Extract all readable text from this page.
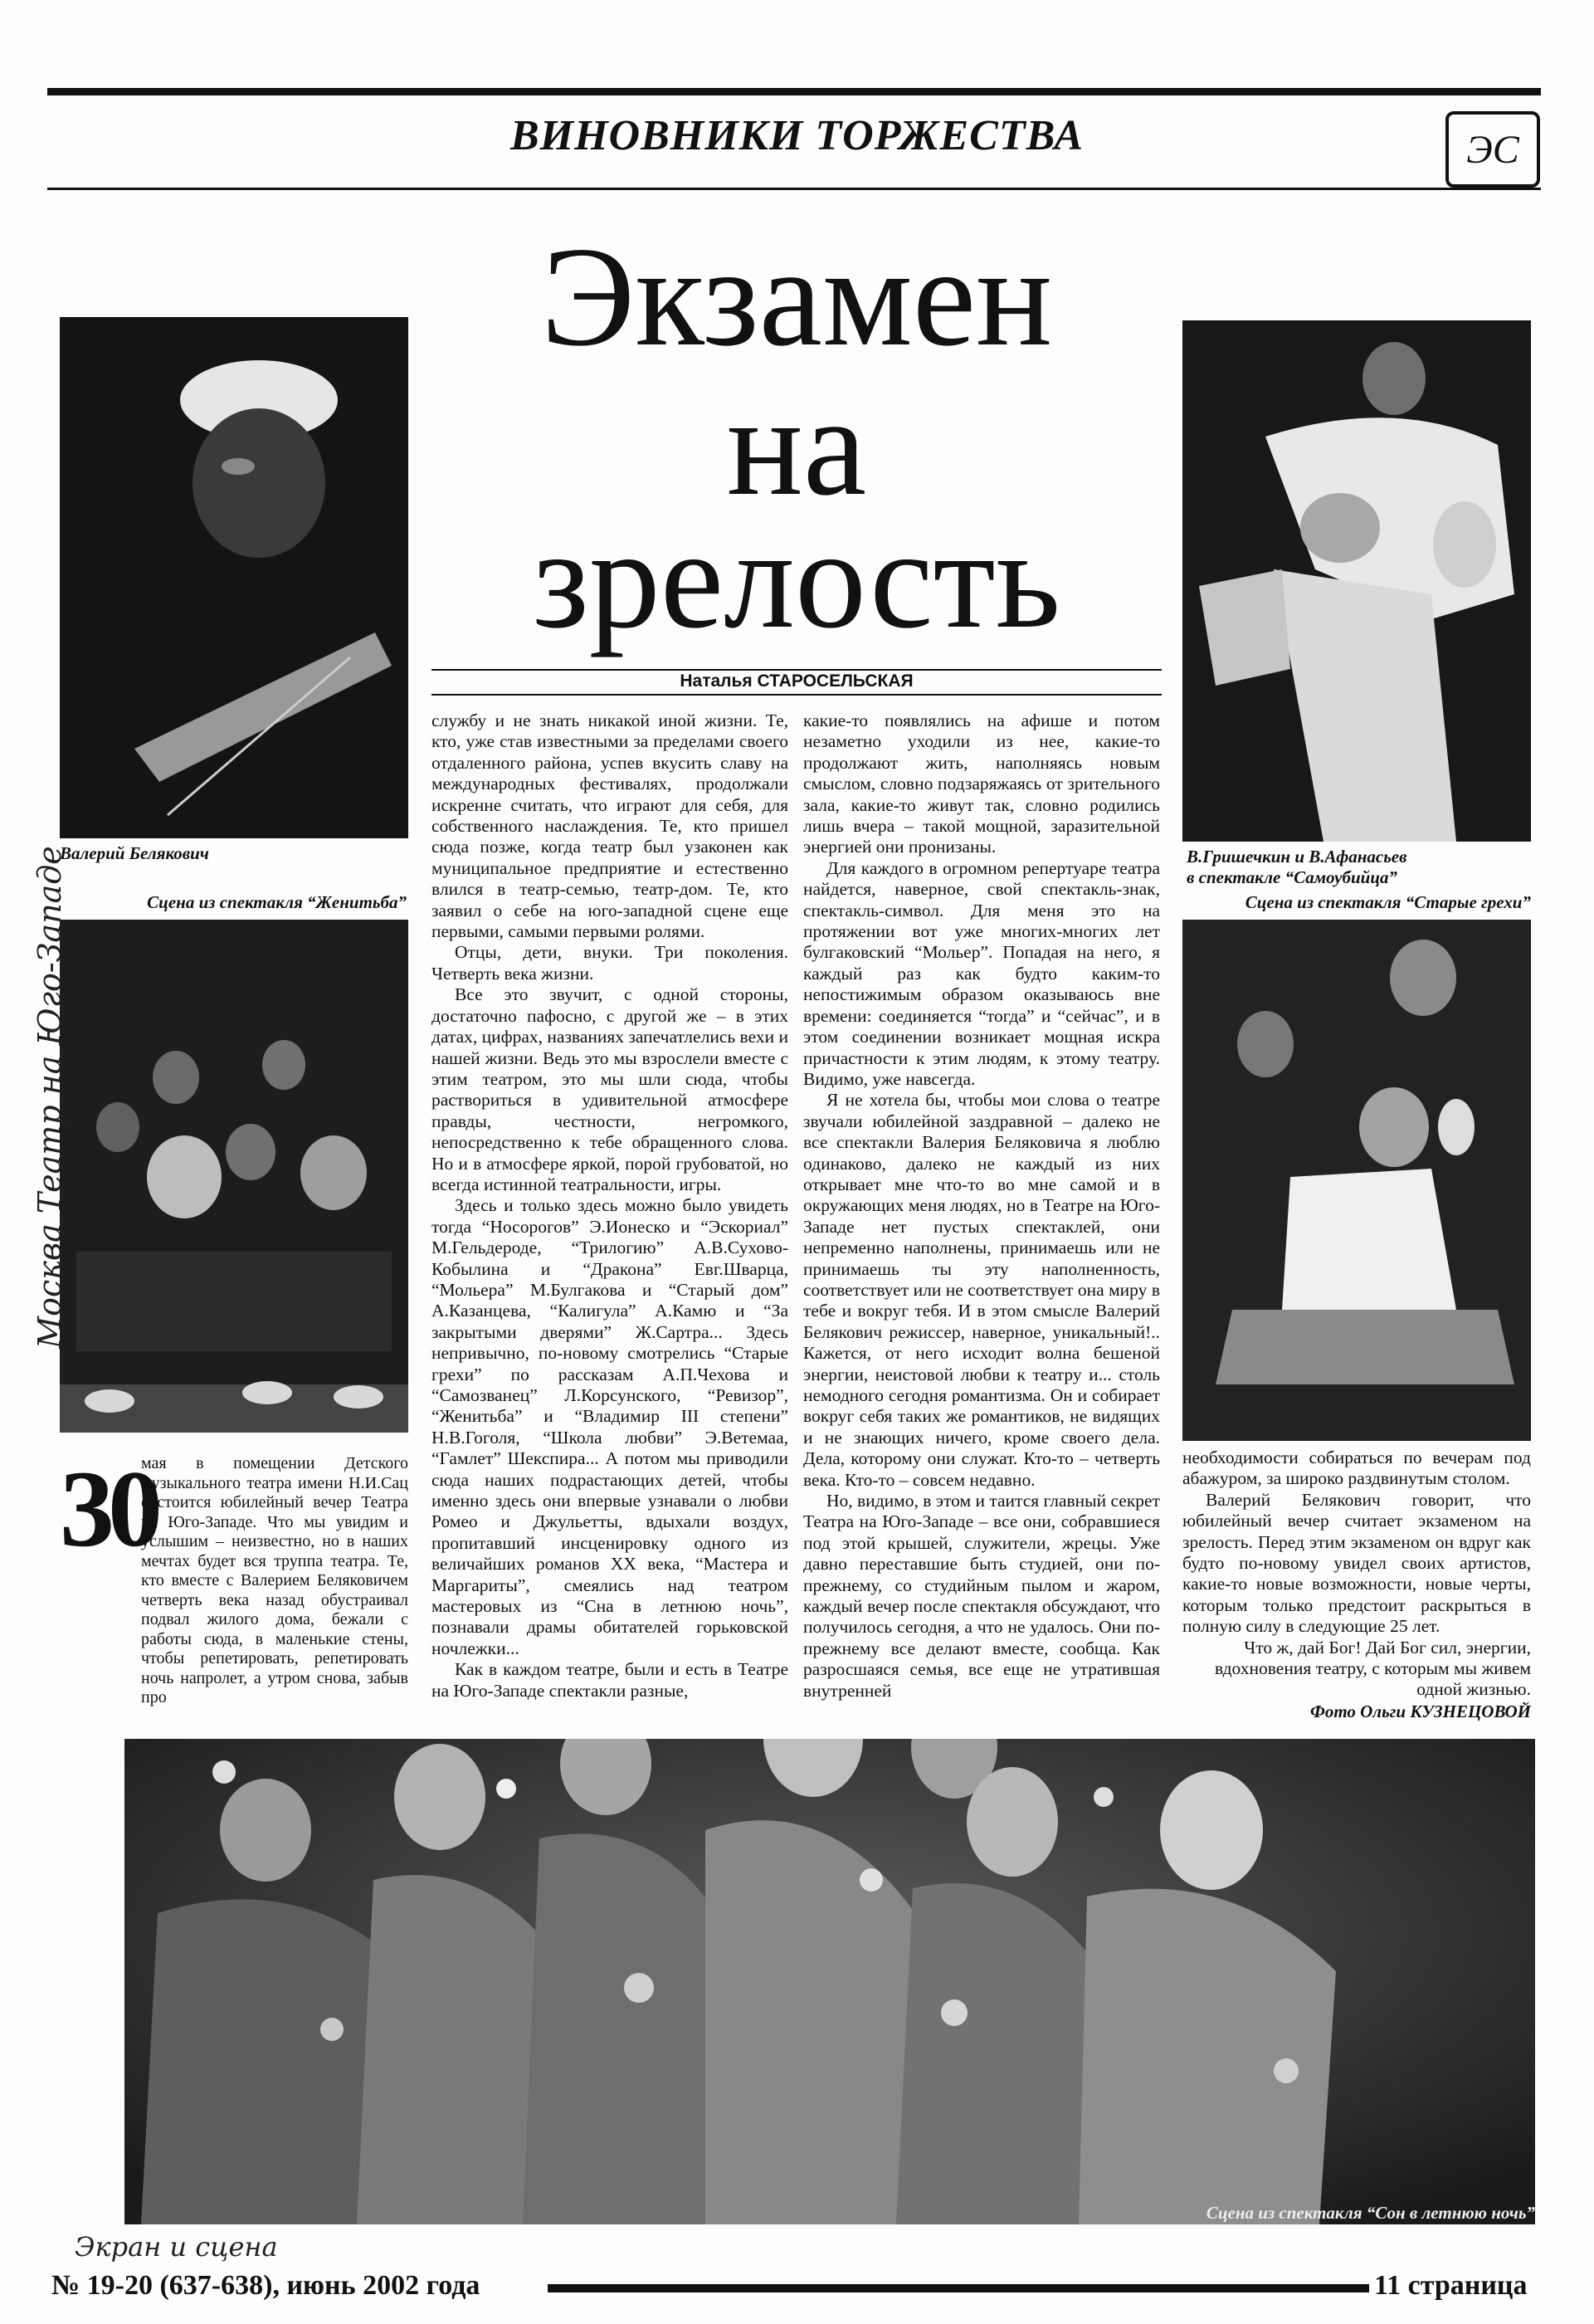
ВИНОВНИКИ ТОРЖЕСТВА	ЭС
Экзамен
на
зрелость
Наталья СТАРОСЕЛЬСКАЯ
Валерий Белякович
Сцена из спектакля “Женитьба”
В.Гришечкин и В.Афанасьев
в спектакле “Самоубийца”
Сцена из спектакля “Старые грехи”
30

мая в помещении Детского музыкального театра имени Н.И.Сац состоится юбилейный вечер Театра на Юго-Западе. Что мы увидим и услышим – неизвестно, но в наших мечтах будет вся труппа театра. Те, кто вместе с Валерием Беляковичем четверть века назад обустраивал подвал жилого дома, бежали с работы сюда, в маленькие стены, чтобы репетировать, репетировать ночь напролет, а утром снова, забыв про

службу и не знать никакой иной жизни. Те, кто, уже став известными за пределами своего отдаленного района, успев вкусить славу на международных фестивалях, продолжали искренне считать, что играют для себя, для собственного наслаждения. Те, кто пришел сюда позже, когда театр был узаконен как муниципальное предприятие и естественно влился в театр-семью, театр-дом. Те, кто заявил о себе на юго-западной сцене еще первыми, самыми первыми ролями.

Отцы, дети, внуки. Три поколения. Четверть века жизни.

Все это звучит, с одной стороны, достаточно пафосно, с другой же – в этих датах, цифрах, названиях запечатлелись вехи и нашей жизни. Ведь это мы взрослели вместе с этим театром, это мы шли сюда, чтобы раствориться в удивительной атмосфере правды, честности, негромкого, непосредственно к тебе обращенного слова. Но и в атмосфере яркой, порой грубоватой, но всегда истинной театральности, игры.

Здесь и только здесь можно было увидеть тогда “Носорогов” Э.Ионеско и “Эскориал” М.Гельдероде, “Трилогию” А.В.Сухово-Кобылина и “Дракона” Евг.Шварца, “Мольера” М.Булгакова и “Старый дом” А.Казанцева, “Калигула” А.Камю и “За закрытыми дверями” Ж.Сартра... Здесь непривычно, по-новому смотрелись “Старые грехи” по рассказам А.П.Чехова и “Самозванец” Л.Корсунского, “Ревизор”, “Женитьба” и “Владимир III степени” Н.В.Гоголя, “Школа любви” Э.Ветемаа, “Гамлет” Шекспира... А потом мы приводили сюда наших подрастающих детей, чтобы именно здесь они впервые узнавали о любви Ромео и Джульетты, вдыхали воздух, пропитавший инсценировку одного из величайших романов ХХ века, “Мастера и Маргариты”, смеялись над театром мастеровых из “Сна в летнюю ночь”, познавали драмы обитателей горьковской ночлежки...

Как в каждом театре, были и есть в Театре на Юго-Западе спектакли разные,

какие-то появлялись на афише и потом незаметно уходили из нее, какие-то продолжают жить, наполняясь новым смыслом, словно подзаряжаясь от зрительного зала, какие-то живут так, словно родились лишь вчера – такой мощной, заразительной энергией они пронизаны.

Для каждого в огромном репертуаре театра найдется, наверное, свой спектакль-знак, спектакль-символ. Для меня это на протяжении вот уже многих-многих лет булгаковский “Мольер”. Попадая на него, я каждый раз как будто каким-то непостижимым образом оказываюсь вне времени: соединяется “тогда” и “сейчас”, и в этом соединении возникает мощная искра причастности к этим людям, к этому театру. Видимо, уже навсегда.

Я не хотела бы, чтобы мои слова о театре звучали юбилейной заздравной – далеко не все спектакли Валерия Беляковича я люблю одинаково, далеко не каждый из них открывает мне что-то во мне самой и в окружающих меня людях, но в Театре на Юго-Западе нет пустых спектаклей, они непременно наполнены, принимаешь или не принимаешь ты эту наполненность, соответствует или не соответствует она миру в тебе и вокруг тебя. И в этом смысле Валерий Белякович режиссер, наверное, уникальный!.. Кажется, от него исходит волна бешеной энергии, неистовой любви к театру и... столь немодного сегодня романтизма. Он и собирает вокруг себя таких же романтиков, не видящих и не знающих ничего, кроме своего дела. Дела, которому они служат. Кто-то – четверть века. Кто-то – совсем недавно.

Но, видимо, в этом и таится главный секрет Театра на Юго-Западе – все они, собравшиеся под этой крышей, служители, жрецы. Уже давно переставшие быть студией, они по-прежнему, со студийным пылом и жаром, каждый вечер после спектакля обсуждают, что получилось сегодня, а что не удалось. Они по-прежнему все делают вместе, сообща. Как разросшаяся семья, все еще не утратившая внутренней

необходимости собираться по вечерам под абажуром, за широко раздвинутым столом.

Валерий Белякович говорит, что юбилейный вечер считает экзаменом на зрелость. Перед этим экзаменом он вдруг как будто по-новому увидел своих артистов, какие-то новые возможности, новые черты, которым только предстоит раскрыться в полную силу в следующие 25 лет.

Что ж, дай Бог! Дай Бог сил, энергии, вдохновения театру, с которым мы живем одной жизнью.

Фото Ольги КУЗНЕЦОВОЙ
Сцена из спектакля “Сон в летнюю ночь”
Москва Театр на Юго-Западе
Экран и сцена
№ 19-20 (637-638), июнь 2002 года	11 страница
